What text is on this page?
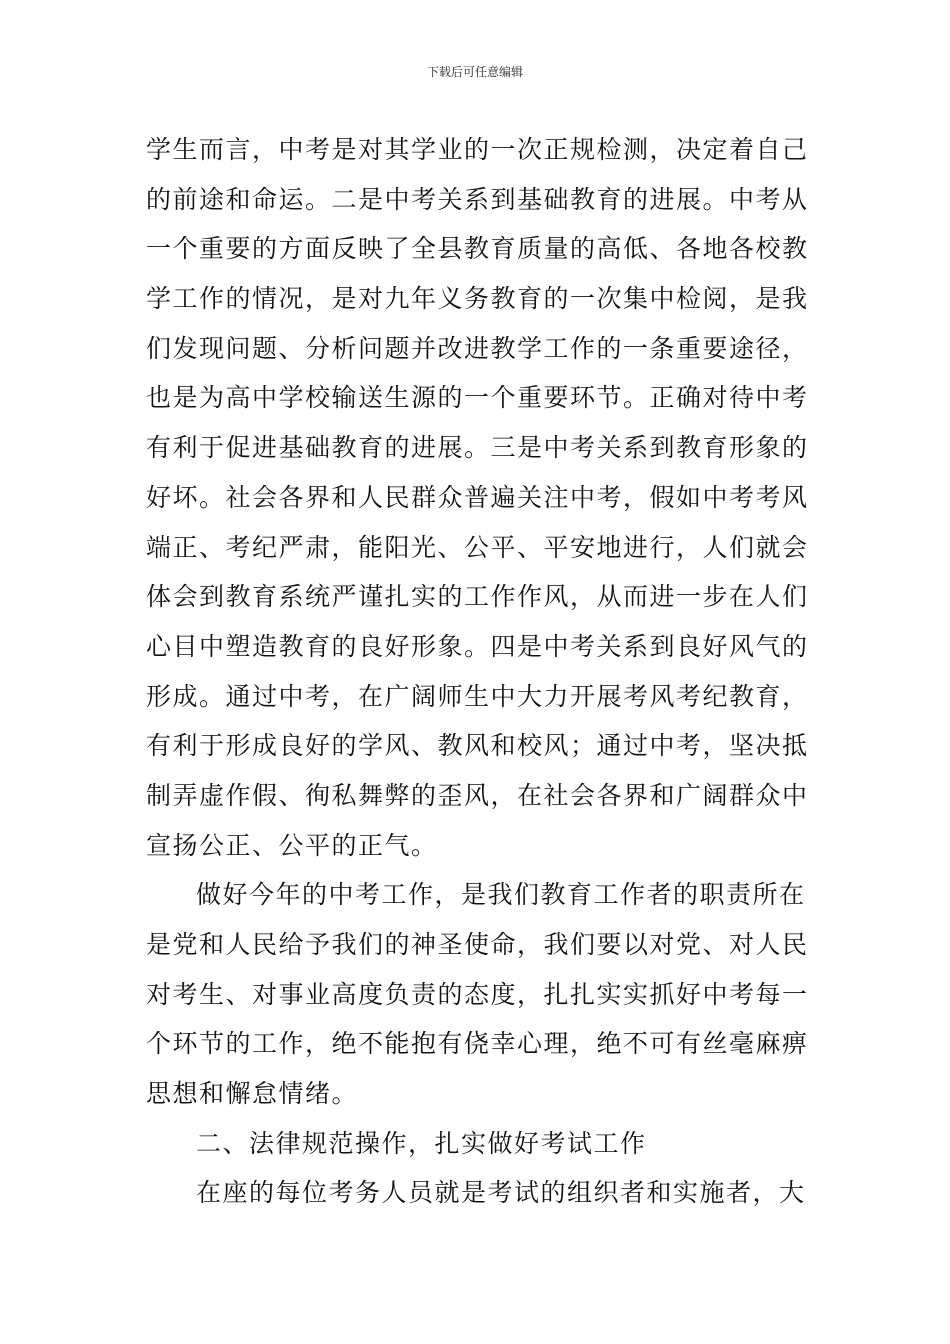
下载后可任意编辑
学生而言，中考是对其学业的一次正规检测，决定着自己
的前途和命运。二是中考关系到基础教育的进展。中考从
一个重要的方面反映了全县教育质量的高低、各地各校教
学工作的情况，是对九年义务教育的一次集中检阅，是我
们发现问题、分析问题并改进教学工作的一条重要途径，
也是为高中学校输送生源的一个重要环节。正确对待中考
有利于促进基础教育的进展。三是中考关系到教育形象的
好坏。社会各界和人民群众普遍关注中考，假如中考考风
端正、考纪严肃，能阳光、公平、平安地进行，人们就会
体会到教育系统严谨扎实的工作作风，从而进一步在人们
心目中塑造教育的良好形象。四是中考关系到良好风气的
形成。通过中考，在广阔师生中大力开展考风考纪教育，
有利于形成良好的学风、教风和校风；通过中考，坚决抵
制弄虚作假、徇私舞弊的歪风，在社会各界和广阔群众中
宣扬公正、公平的正气。
做好今年的中考工作，是我们教育工作者的职责所在
是党和人民给予我们的神圣使命，我们要以对党、对人民
对考生、对事业高度负责的态度，扎扎实实抓好中考每一
个环节的工作，绝不能抱有侥幸心理，绝不可有丝毫麻痹
思想和懈怠情绪。
二、法律规范操作，扎实做好考试工作
在座的每位考务人员就是考试的组织者和实施者，大
